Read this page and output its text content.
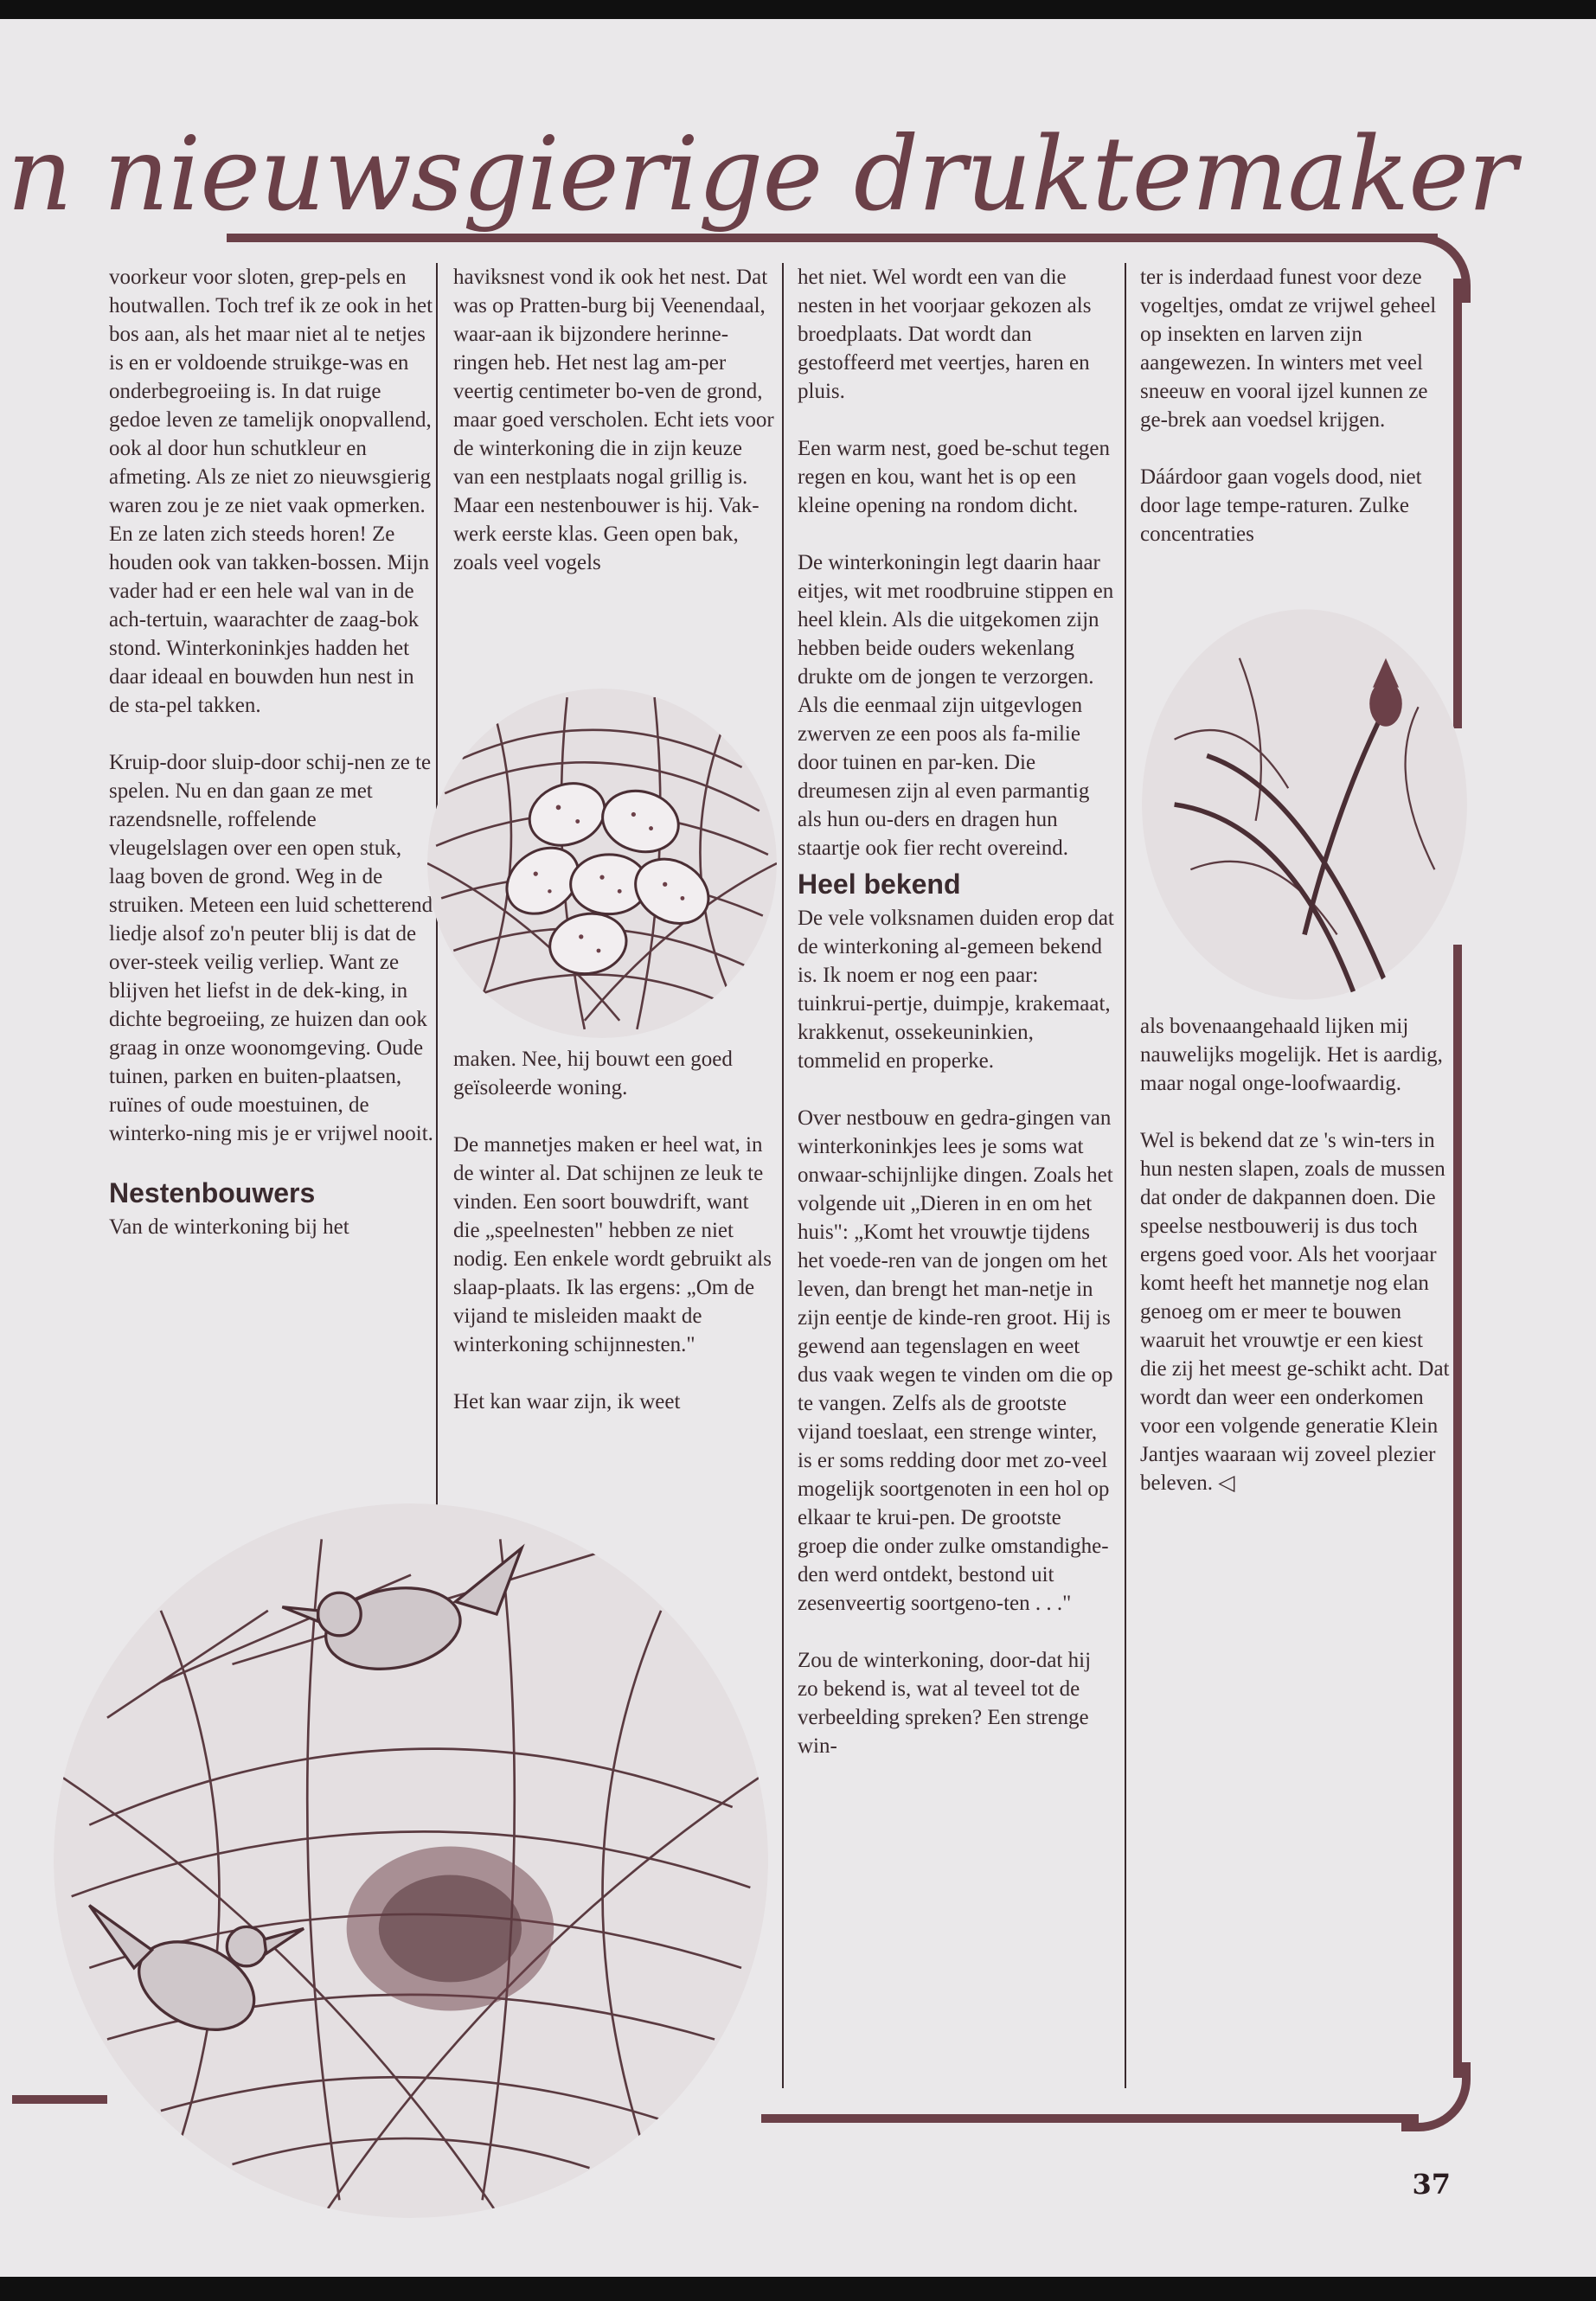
n nieuwsgierige druktemaker

voorkeur voor sloten, grep-pels en houtwallen. Toch tref ik ze ook in het bos aan, als het maar niet al te netjes is en er voldoende struikge-was en onderbegroeiing is. In dat ruige gedoe leven ze tamelijk onopvallend, ook al door hun schutkleur en afmeting. Als ze niet zo nieuwsgierig waren zou je ze niet vaak opmerken. En ze laten zich steeds horen! Ze houden ook van takken-bossen. Mijn vader had er een hele wal van in de ach-tertuin, waarachter de zaag-bok stond. Winterkoninkjes hadden het daar ideaal en bouwden hun nest in de sta-pel takken.

Kruip-door sluip-door schij-nen ze te spelen. Nu en dan gaan ze met razendsnelle, roffelende vleugelslagen over een open stuk, laag boven de grond. Weg in de struiken. Meteen een luid schetterend liedje alsof zo'n peuter blij is dat de over-steek veilig verliep. Want ze blijven het liefst in de dek-king, in dichte begroeiing, ze huizen dan ook graag in onze woonomgeving. Oude tuinen, parken en buiten-plaatsen, ruïnes of oude moestuinen, de winterko-ning mis je er vrijwel nooit.

Nestenbouwers

Van de winterkoning bij het

haviksnest vond ik ook het nest. Dat was op Pratten-burg bij Veenendaal, waar-aan ik bijzondere herinne-ringen heb. Het nest lag am-per veertig centimeter bo-ven de grond, maar goed verscholen. Echt iets voor de winterkoning die in zijn keuze van een nestplaats nogal grillig is. Maar een nestenbouwer is hij. Vak-werk eerste klas. Geen open bak, zoals veel vogels

maken. Nee, hij bouwt een goed geïsoleerde woning.

De mannetjes maken er heel wat, in de winter al. Dat schijnen ze leuk te vinden. Een soort bouwdrift, want die „speelnesten" hebben ze niet nodig. Een enkele wordt gebruikt als slaap-plaats. Ik las ergens: „Om de vijand te misleiden maakt de winterkoning schijnnesten."

Het kan waar zijn, ik weet

het niet. Wel wordt een van die nesten in het voorjaar gekozen als broedplaats. Dat wordt dan gestoffeerd met veertjes, haren en pluis.

Een warm nest, goed be-schut tegen regen en kou, want het is op een kleine opening na rondom dicht.

De winterkoningin legt daarin haar eitjes, wit met roodbruine stippen en heel klein. Als die uitgekomen zijn hebben beide ouders wekenlang drukte om de jongen te verzorgen. Als die eenmaal zijn uitgevlogen zwerven ze een poos als fa-milie door tuinen en par-ken. Die dreumesen zijn al even parmantig als hun ou-ders en dragen hun staartje ook fier recht overeind.

Heel bekend

De vele volksnamen duiden erop dat de winterkoning al-gemeen bekend is. Ik noem er nog een paar: tuinkrui-pertje, duimpje, krakemaat, krakkenut, ossekeuninkien, tommelid en properke.

Over nestbouw en gedra-gingen van winterkoninkjes lees je soms wat onwaar-schijnlijke dingen. Zoals het volgende uit „Dieren in en om het huis": „Komt het vrouwtje tijdens het voede-ren van de jongen om het leven, dan brengt het man-netje in zijn eentje de kinde-ren groot. Hij is gewend aan tegenslagen en weet dus vaak wegen te vinden om die op te vangen. Zelfs als de grootste vijand toeslaat, een strenge winter, is er soms redding door met zo-veel mogelijk soortgenoten in een hol op elkaar te krui-pen. De grootste groep die onder zulke omstandighe-den werd ontdekt, bestond uit zesenveertig soortgeno-ten . . ."

Zou de winterkoning, door-dat hij zo bekend is, wat al teveel tot de verbeelding spreken? Een strenge win-

ter is inderdaad funest voor deze vogeltjes, omdat ze vrijwel geheel op insekten en larven zijn aangewezen. In winters met veel sneeuw en vooral ijzel kunnen ze ge-brek aan voedsel krijgen.

Dáárdoor gaan vogels dood, niet door lage tempe-raturen. Zulke concentraties

als bovenaangehaald lijken mij nauwelijks mogelijk. Het is aardig, maar nogal onge-loofwaardig.

Wel is bekend dat ze 's win-ters in hun nesten slapen, zoals de mussen dat onder de dakpannen doen. Die speelse nestbouwerij is dus toch ergens goed voor. Als het voorjaar komt heeft het mannetje nog elan genoeg om er meer te bouwen waaruit het vrouwtje er een kiest die zij het meest ge-schikt acht. Dat wordt dan weer een onderkomen voor een volgende generatie Klein Jantjes waaraan wij zoveel plezier beleven. ◁

37
